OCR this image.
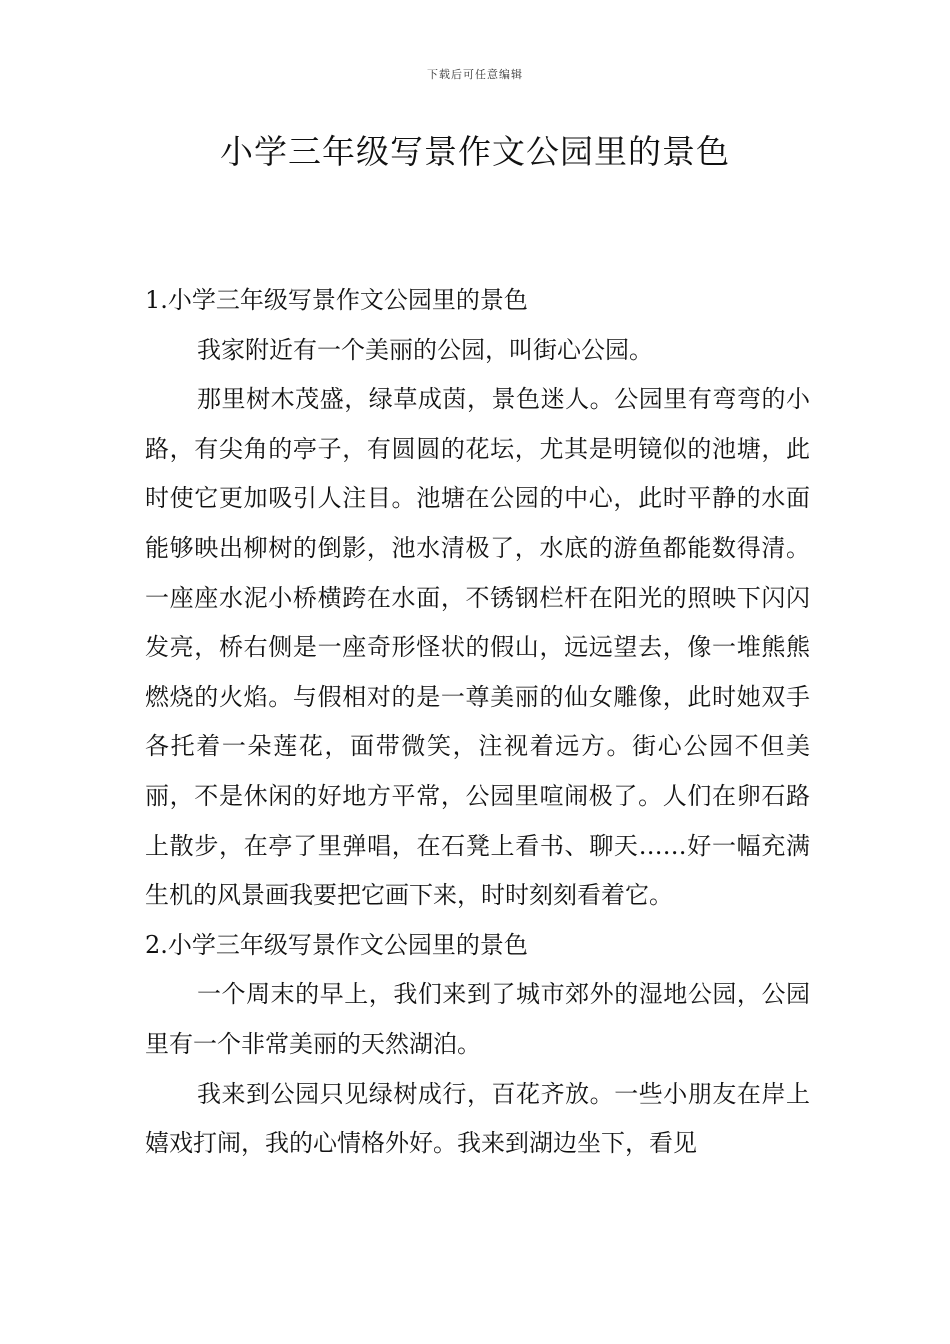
下载后可任意编辑
小学三年级写景作文公园里的景色

1.小学三年级写景作文公园里的景色

我家附近有一个美丽的公园，叫街心公园。

那里树木茂盛，绿草成茵，景色迷人。公园里有弯弯的小路，有尖角的亭子，有圆圆的花坛，尤其是明镜似的池塘，此时使它更加吸引人注目。池塘在公园的中心，此时平静的水面能够映出柳树的倒影，池水清极了，水底的游鱼都能数得清。一座座水泥小桥横跨在水面，不锈钢栏杆在阳光的照映下闪闪发亮，桥右侧是一座奇形怪状的假山，远远望去，像一堆熊熊燃烧的火焰。与假相对的是一尊美丽的仙女雕像，此时她双手各托着一朵莲花，面带微笑，注视着远方。街心公园不但美丽，不是休闲的好地方平常，公园里喧闹极了。人们在卵石路上散步，在亭了里弹唱，在石凳上看书、聊天……好一幅充满生机的风景画我要把它画下来，时时刻刻看着它。

2.小学三年级写景作文公园里的景色

一个周末的早上，我们来到了城市郊外的湿地公园，公园里有一个非常美丽的天然湖泊。

我来到公园只见绿树成行，百花齐放。一些小朋友在岸上嬉戏打闹，我的心情格外好。我来到湖边坐下，看见
